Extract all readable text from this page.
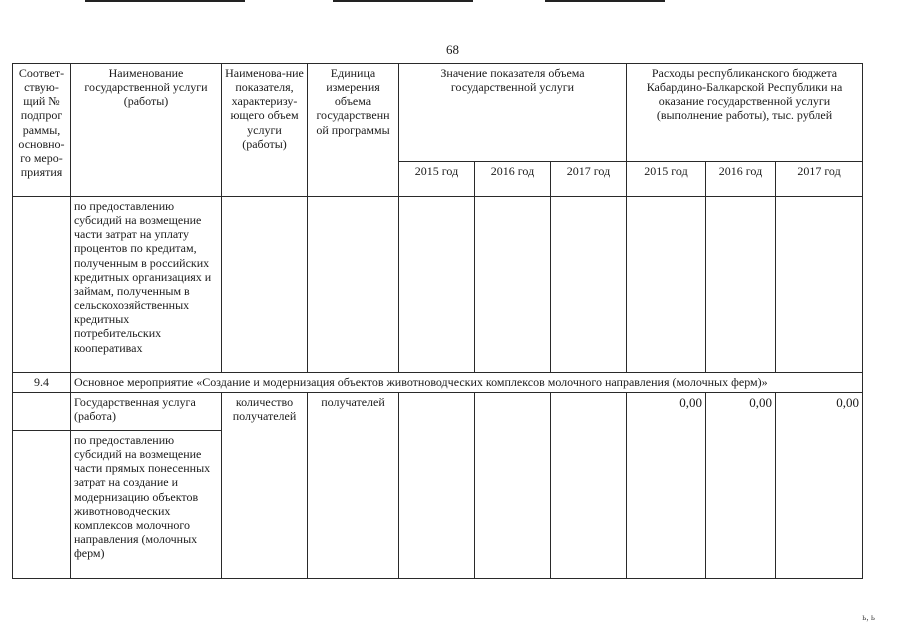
68
Соответ-ствую-щий № подпрог раммы, основно-го меро-приятия	Наименование государственной услуги (работы)	Наименова-ние показателя, характеризу-ющего объем услуги (работы)	Единица измерения объема государственн ой программы	Значение показателя объема государственной услуги			Расходы республиканского бюджета Кабардино-Балкарской Республики на оказание государственной услуги (выполнение работы), тыс. рублей		
				2015 год	2016 год	2017 год	2015 год	2016 год	2017 год
	по предоставлению субсидий на возмещение части затрат на уплату процентов по кредитам, полученным в российских кредитных организациях и займам, полученным в сельскохозяйственных кредитных потребительских кооперативах								
9.4	Основное мероприятие «Создание и модернизация объектов животноводческих комплексов молочного направления (молочных ферм)»								
	Государственная услуга (работа)	количество получателей	получателей				0,00	0,00	0,00
	по предоставлению субсидий на возмещение части прямых понесенных затрат на создание и модернизацию объектов животноводческих комплексов молочного направления (молочных ферм)								
ь, ь
